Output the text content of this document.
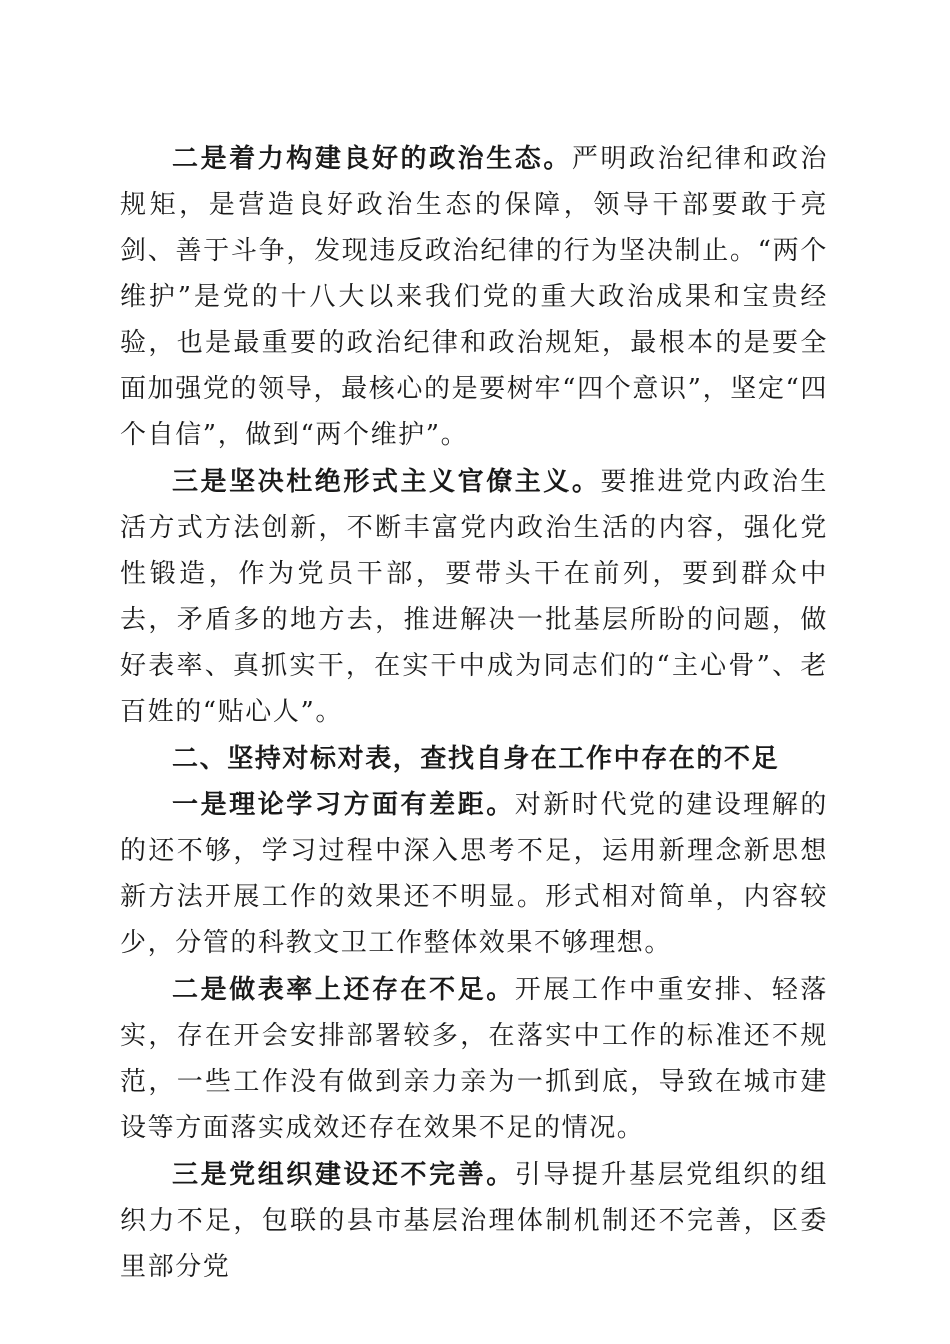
二是着力构建良好的政治生态。严明政治纪律和政治规矩，是营造良好政治生态的保障，领导干部要敢于亮剑、善于斗争，发现违反政治纪律的行为坚决制止。“两个维护”是党的十八大以来我们党的重大政治成果和宝贵经验，也是最重要的政治纪律和政治规矩，最根本的是要全面加强党的领导，最核心的是要树牢“四个意识”，坚定“四个自信”，做到“两个维护”。

三是坚决杜绝形式主义官僚主义。要推进党内政治生活方式方法创新，不断丰富党内政治生活的内容，强化党性锻造，作为党员干部，要带头干在前列，要到群众中去，矛盾多的地方去，推进解决一批基层所盼的问题，做好表率、真抓实干，在实干中成为同志们的“主心骨”、老百姓的“贴心人”。

二、坚持对标对表，查找自身在工作中存在的不足

一是理论学习方面有差距。对新时代党的建设理解的的还不够，学习过程中深入思考不足，运用新理念新思想新方法开展工作的效果还不明显。形式相对简单，内容较少，分管的科教文卫工作整体效果不够理想。

二是做表率上还存在不足。开展工作中重安排、轻落实，存在开会安排部署较多，在落实中工作的标准还不规范，一些工作没有做到亲力亲为一抓到底，导致在城市建设等方面落实成效还存在效果不足的情况。

三是党组织建设还不完善。引导提升基层党组织的组织力不足，包联的县市基层治理体制机制还不完善，区委里部分党
